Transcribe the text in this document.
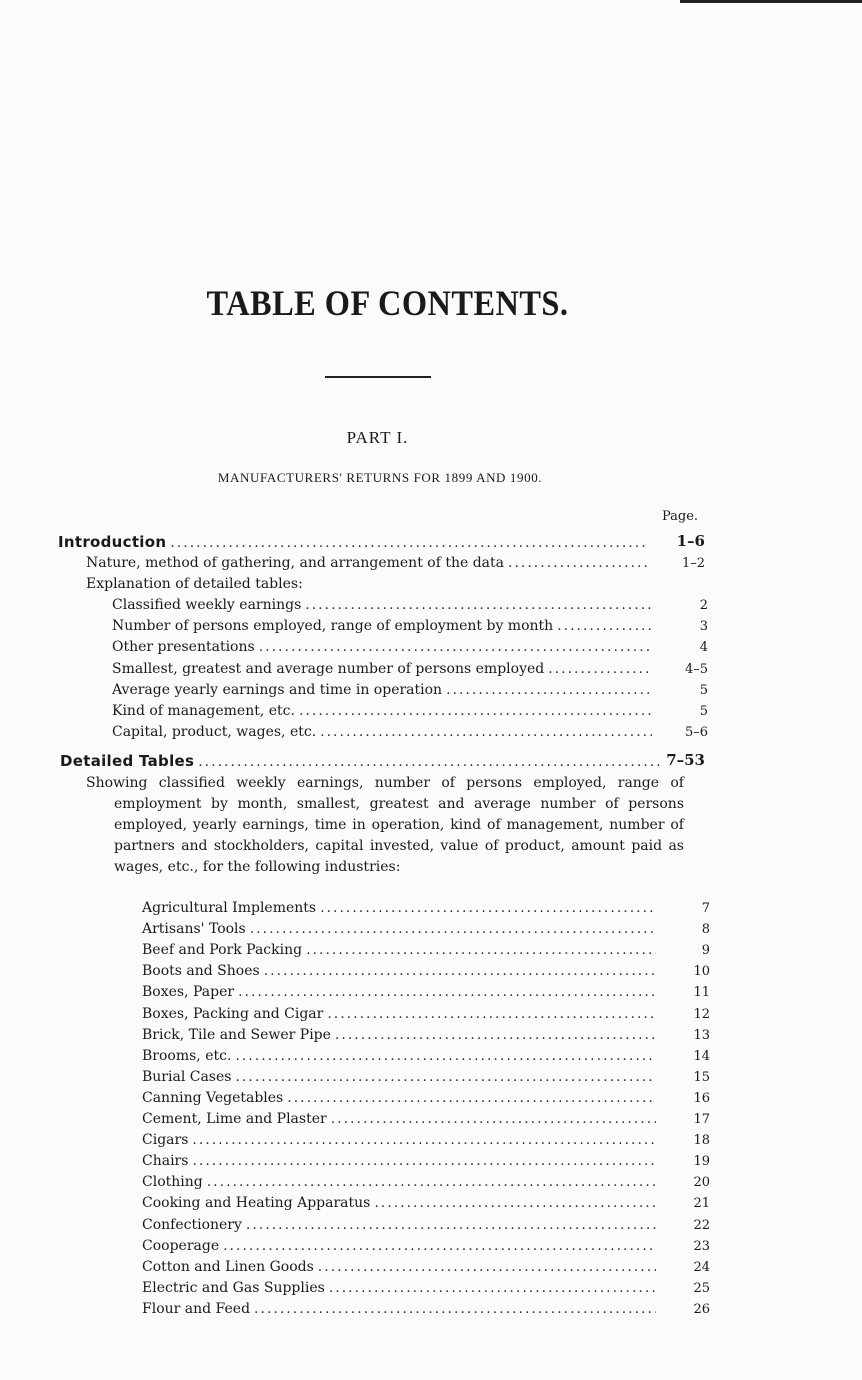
TABLE OF CONTENTS.
PART I.
MANUFACTURERS' RETURNS FOR 1899 AND 1900.
Page.
Introduction .....	1–6
Nature, method of gathering, and arrangement of the data .....	1–2
Explanation of detailed tables:
Classified weekly earnings .....	2
Number of persons employed, range of employment by month .....	3
Other presentations .....	4
Smallest, greatest and average number of persons employed .....	4–5
Average yearly earnings and time in operation .....	5
Kind of management, etc. .....	5
Capital, product, wages, etc. .....	5–6
Detailed Tables .....	7–53
Showing classified weekly earnings, number of persons employed, range of employment by month, smallest, greatest and average number of persons employed, yearly earnings, time in operation, kind of management, number of partners and stockholders, capital invested, value of product, amount paid as wages, etc., for the following industries:
Agricultural Implements .....	7
Artisans' Tools .....	8
Beef and Pork Packing .....	9
Boots and Shoes .....	10
Boxes, Paper .....	11
Boxes, Packing and Cigar .....	12
Brick, Tile and Sewer Pipe .....	13
Brooms, etc. .....	14
Burial Cases .....	15
Canning Vegetables .....	16
Cement, Lime and Plaster .....	17
Cigars .....	18
Chairs .....	19
Clothing .....	20
Cooking and Heating Apparatus .....	21
Confectionery .....	22
Cooperage .....	23
Cotton and Linen Goods .....	24
Electric and Gas Supplies .....	25
Flour and Feed .....	26
